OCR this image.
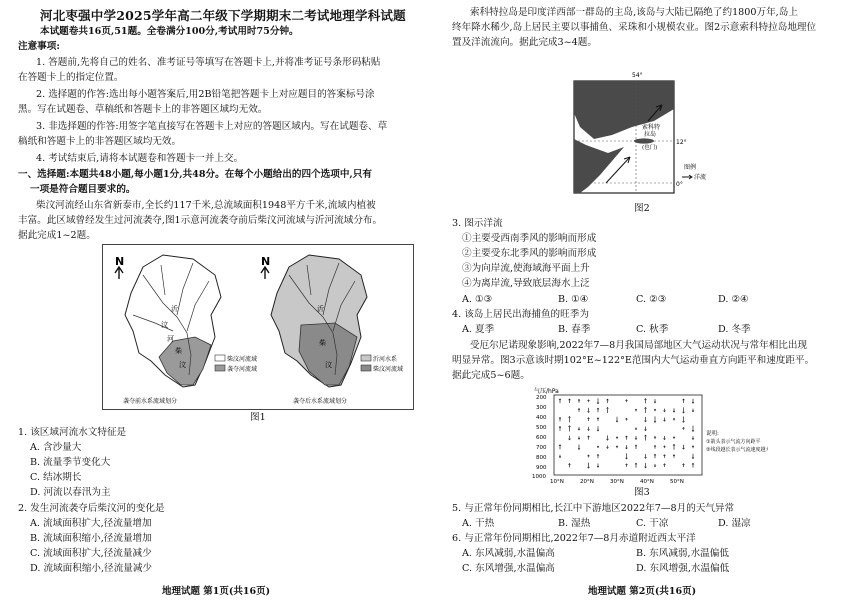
河北枣强中学2025学年高二年级下学期期末二考试地理学科试题
本试题卷共16页,51题。全卷满分100分,考试用时75分钟。
注意事项:
1. 答题前,先将自己的姓名、准考证号等填写在答题卡上,并将准考证号条形码粘贴
在答题卡上的指定位置。
2. 选择题的作答:选出每小题答案后,用2B铅笔把答题卡上对应题目的答案标号涂
黑。写在试题卷、草稿纸和答题卡上的非答题区域均无效。
3. 非选择题的作答:用签字笔直接写在答题卡上对应的答题区域内。写在试题卷、草
稿纸和答题卡上的非答题区域均无效。
4. 考试结束后,请将本试题卷和答题卡一并上交。
一、选择题:本题共48小题,每小题1分,共48分。在每个小题给出的四个选项中,只有
一项是符合题目要求的。
柴汶河流经山东省新泰市,全长约117千米,总流域面积1948平方千米,流域内植被
丰富。此区域曾经发生过河流袭夺,图1示意河流袭夺前后柴汶河流域与沂河流域分布。
据此完成1~2题。
N
沂
汶
柴
汶
河
柴汶河流域
袭夺河流域
N
沂
柴
汶
沂河水系
柴汶河流域
袭夺前水系流域划分	袭夺后水系流域划分
图1
1. 该区域河流水文特征是
A. 含沙量大
B. 流量季节变化大
C. 结冰期长
D. 河流以春汛为主
2. 发生河流袭夺后柴汶河的变化是
A. 流域面积扩大,径流量增加
B. 流域面积缩小,径流量增加
C. 流域面积扩大,径流量减少
D. 流域面积缩小,径流量减少
地理试题 第1页(共16页)
索科特拉岛是印度洋西部一群岛的主岛,该岛与大陆已隔绝了约1800万年,岛上
终年降水稀少,岛上居民主要以事捕鱼、采珠和小规模农业。图2示意索科特拉岛地理位
置及洋流流向。据此完成3~4题。
54°
12°
0°
索科特
拉岛
(也门)
图例
洋流
图2
3. 图示洋流
①主要受西南季风的影响而形成
②主要受东北季风的影响而形成
③为向岸流,使海域海平面上升
④为离岸流,导致底层海水上泛
A. ①③	B. ①④	C. ②③	D. ②④
4. 该岛上居民出海捕鱼的旺季为
A. 夏季	B. 春季	C. 秋季	D. 冬季
受厄尔尼诺现象影响,2022年7—8月我国局部地区大气运动状况与常年相比出现
明显异常。图3示意该时期102°E~122°E范围内大气运动垂直方向距平和速度距平。
据此完成5~6题。
气压/hPa
200
300
400
500
600
700
800
900
1000
10°N	20°N	30°N	40°N	50°N
说明:
①箭头表示气流方向距平
②线段越长表示气流速度越大
图3
5. 与正常年份同期相比,长江中下游地区2022年7—8月的天气异常
A. 干热	B. 湿热	C. 干凉	D. 湿凉
6. 与正常年份同期相比,2022年7—8月赤道附近西太平洋
A. 东风减弱,水温偏高	B. 东风减弱,水温偏低
C. 东风增强,水温偏高	D. 东风增强,水温偏低
地理试题 第2页(共16页)
